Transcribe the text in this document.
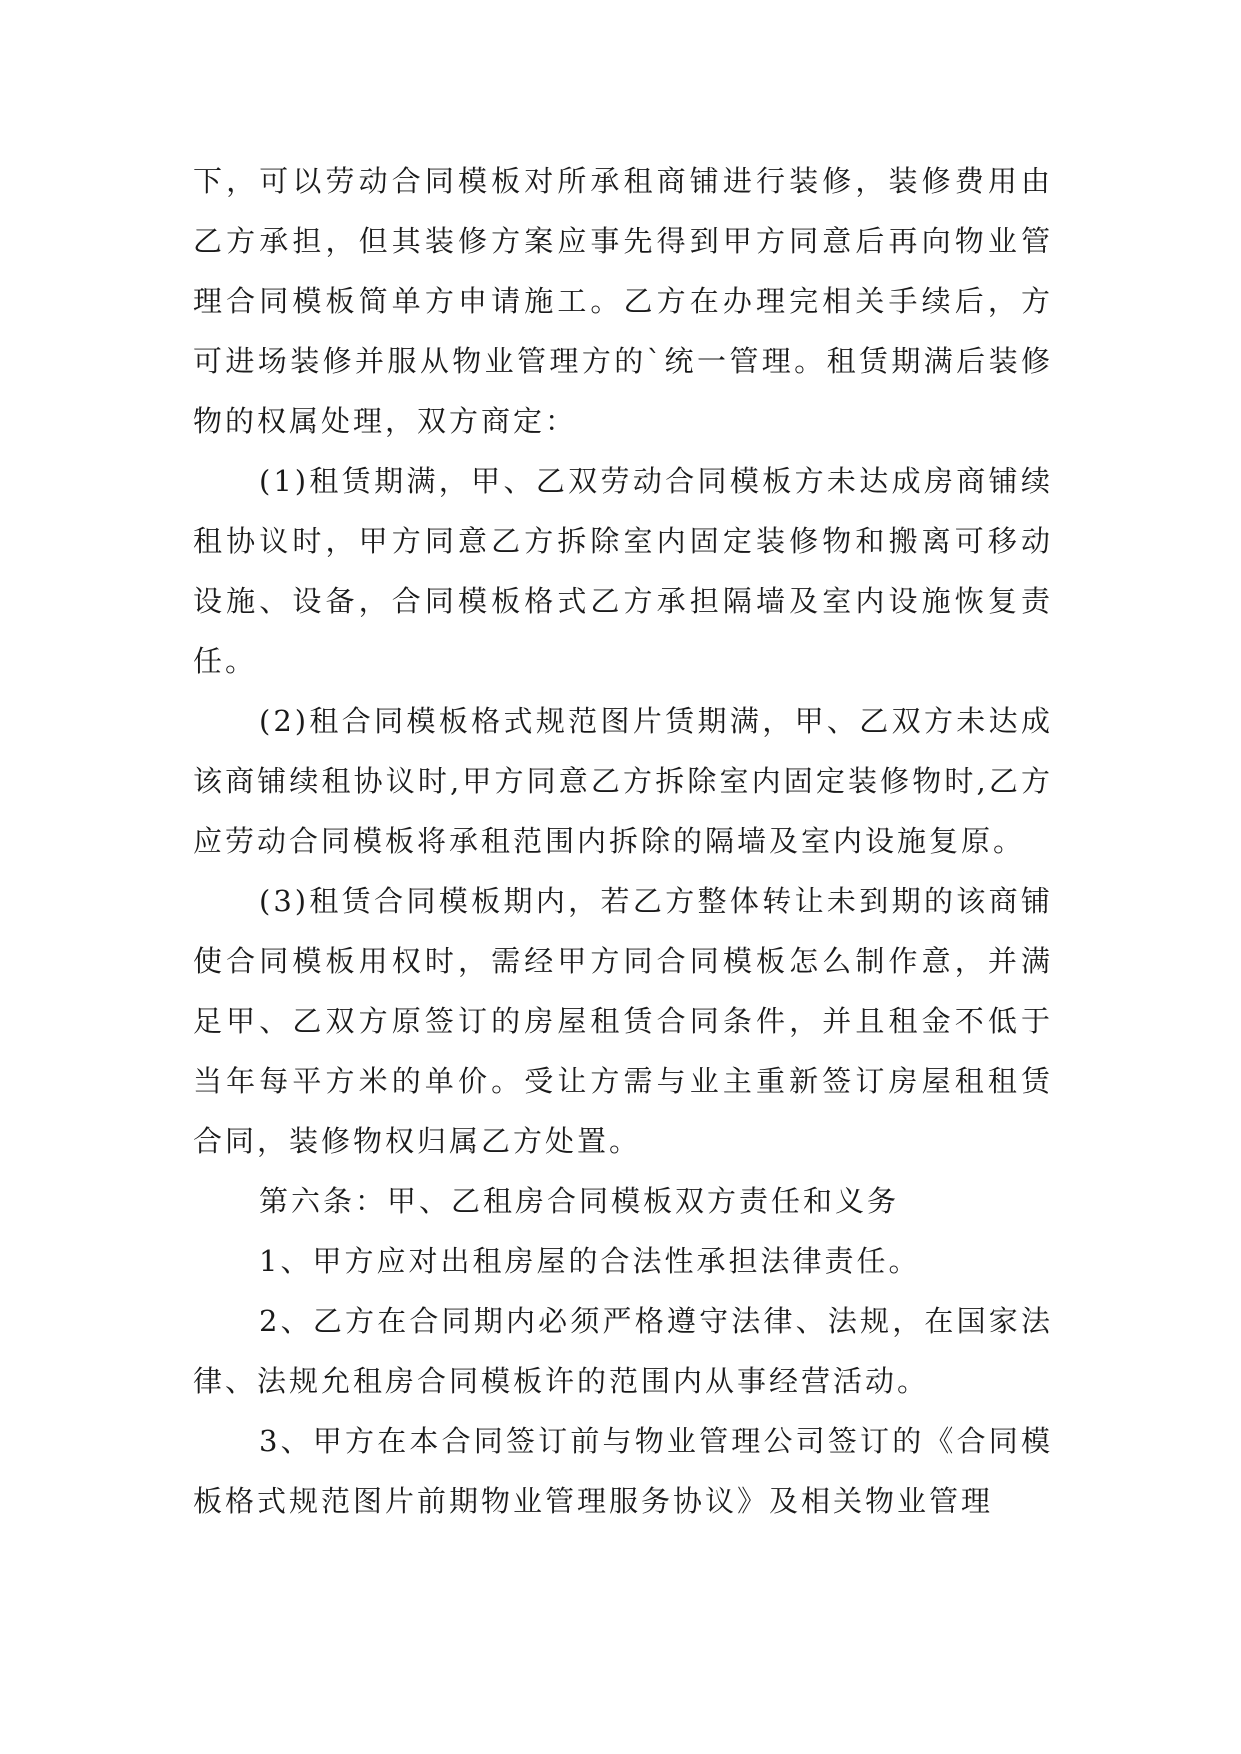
下，可以劳动合同模板对所承租商铺进行装修，装修费用由乙方承担，但其装修方案应事先得到甲方同意后再向物业管理合同模板简单方申请施工。乙方在办理完相关手续后，方可进场装修并服从物业管理方的`统一管理。租赁期满后装修物的权属处理，双方商定：

(1)租赁期满，甲、乙双劳动合同模板方未达成房商铺续租协议时，甲方同意乙方拆除室内固定装修物和搬离可移动设施、设备，合同模板格式乙方承担隔墙及室内设施恢复责任。

(2)租合同模板格式规范图片赁期满，甲、乙双方未达成该商铺续租协议时,甲方同意乙方拆除室内固定装修物时,乙方应劳动合同模板将承租范围内拆除的隔墙及室内设施复原。

(3)租赁合同模板期内，若乙方整体转让未到期的该商铺使合同模板用权时，需经甲方同合同模板怎么制作意，并满足甲、乙双方原签订的房屋租赁合同条件，并且租金不低于当年每平方米的单价。受让方需与业主重新签订房屋租租赁合同，装修物权归属乙方处置。

第六条：甲、乙租房合同模板双方责任和义务

1、甲方应对出租房屋的合法性承担法律责任。

2、乙方在合同期内必须严格遵守法律、法规，在国家法律、法规允租房合同模板许的范围内从事经营活动。

3、甲方在本合同签订前与物业管理公司签订的《合同模板格式规范图片前期物业管理服务协议》及相关物业管理
